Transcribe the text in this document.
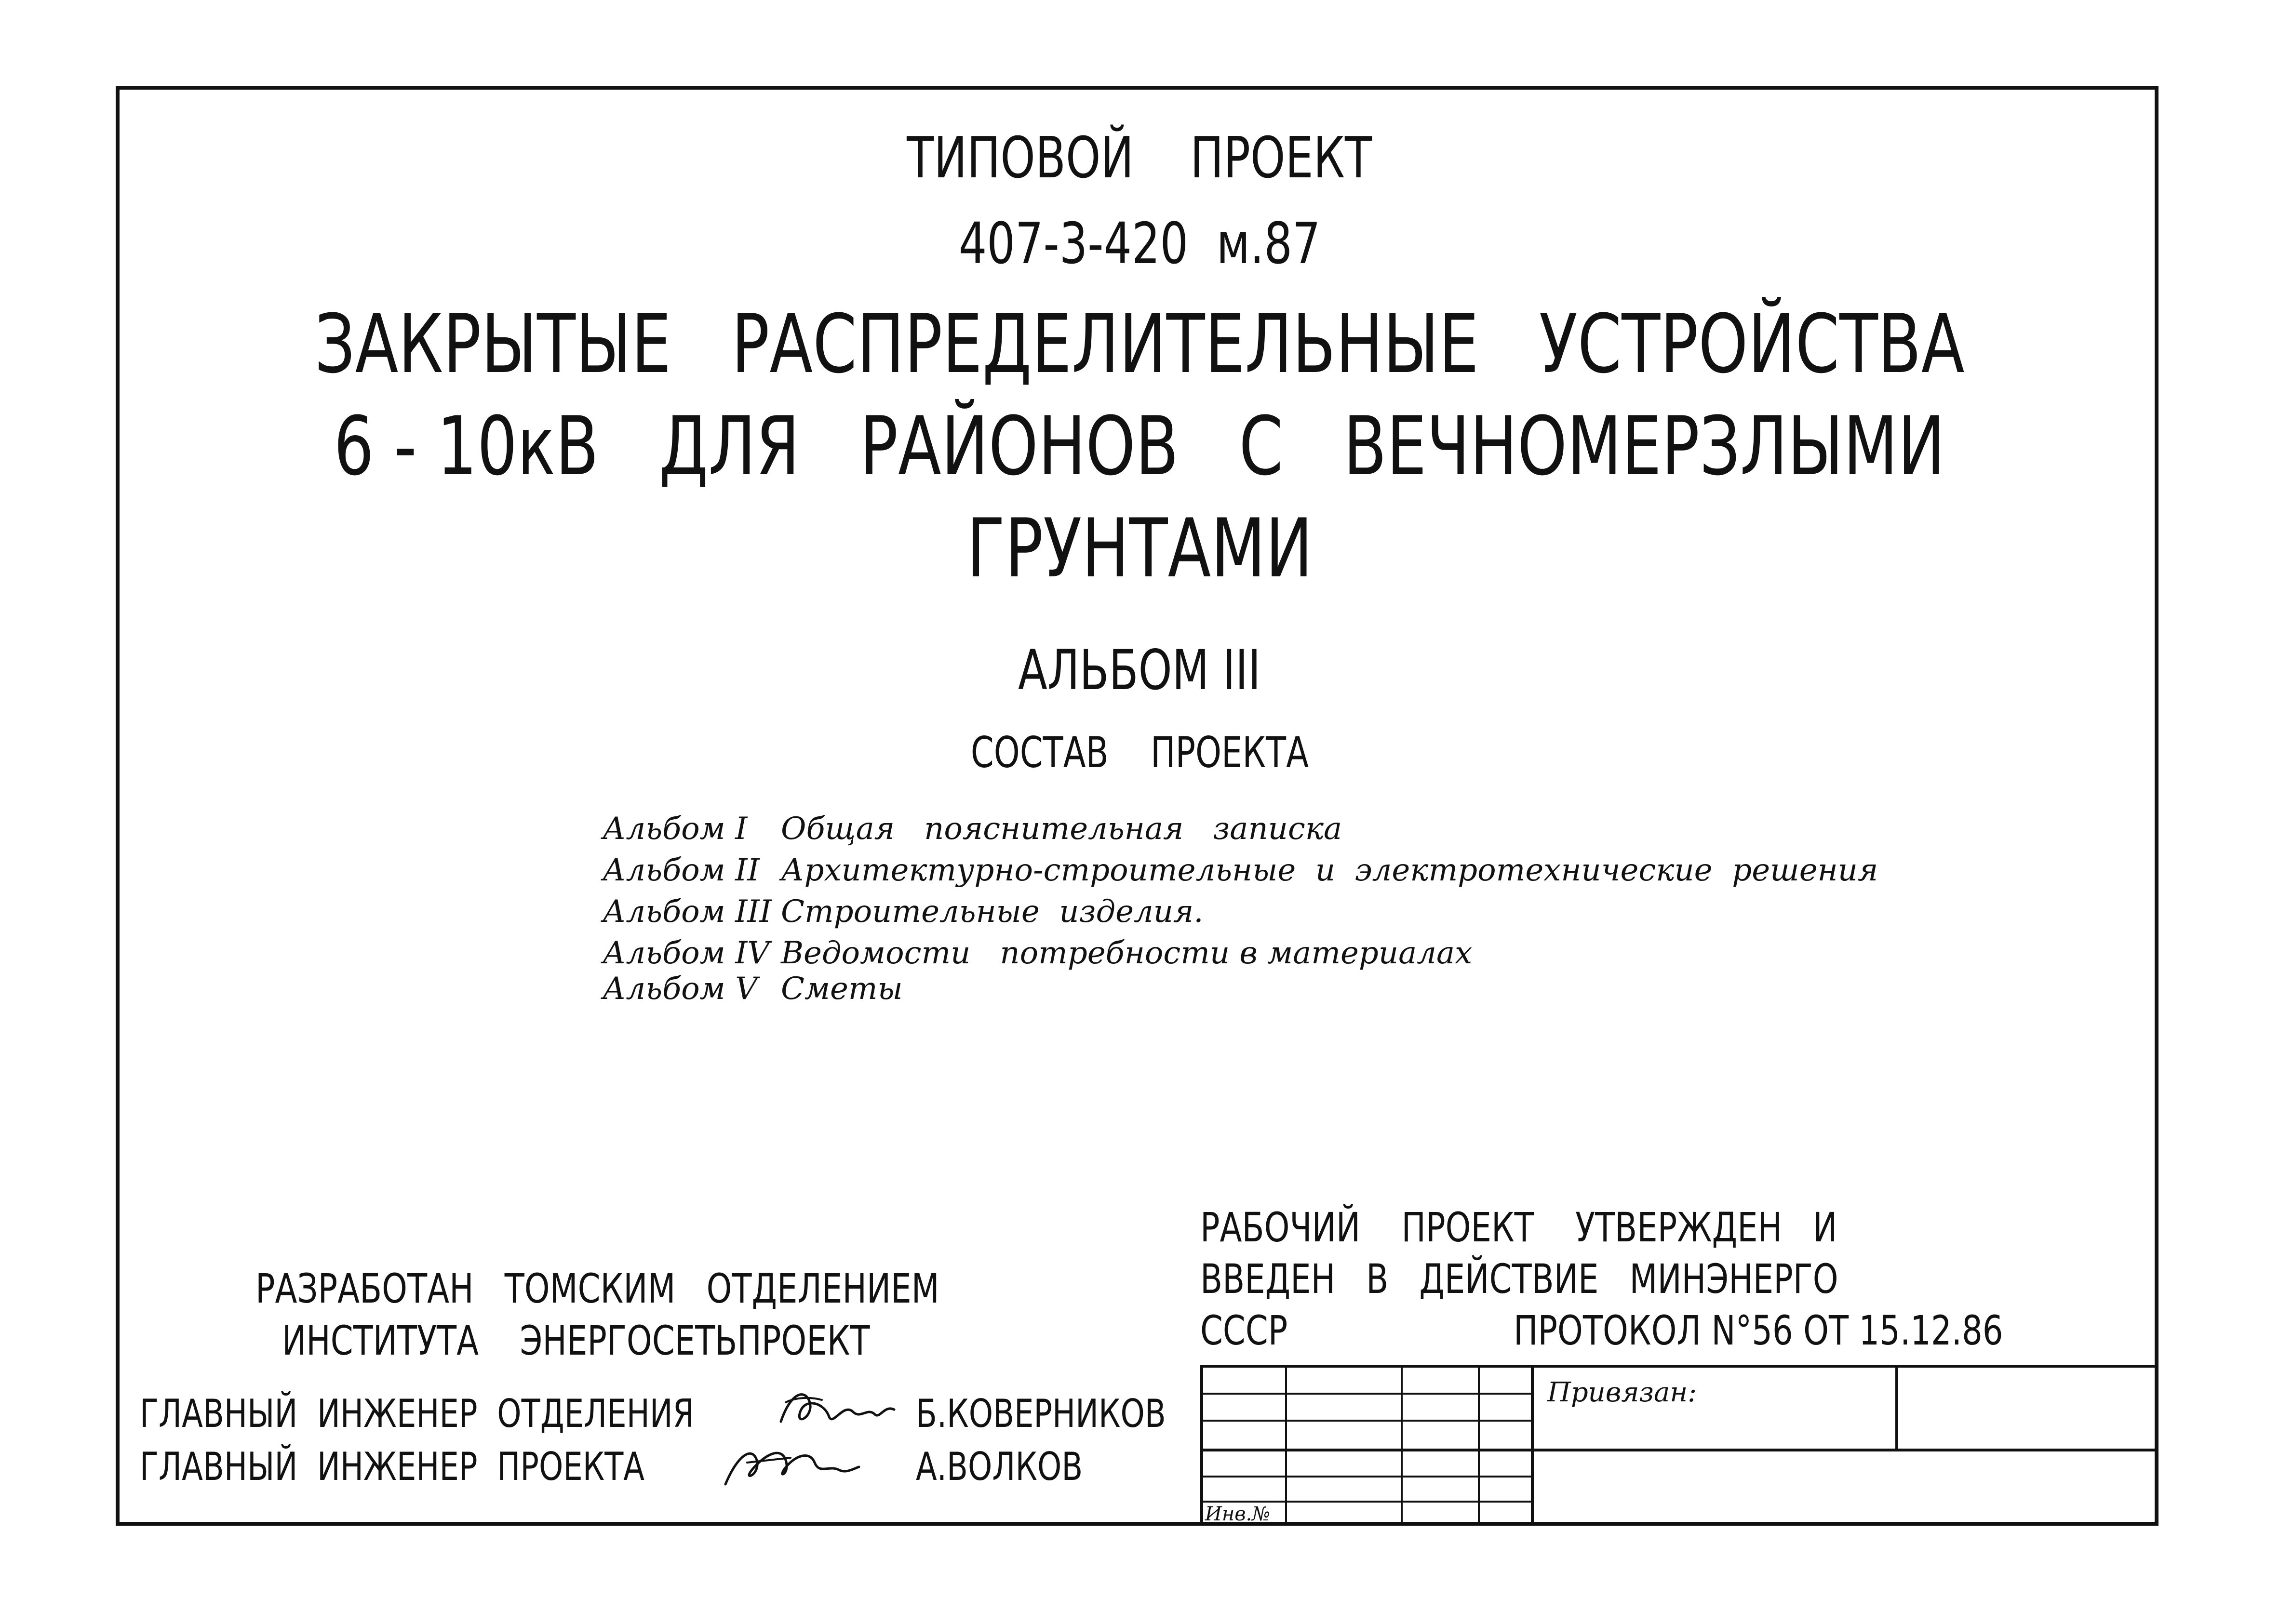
ТИПОВОЙ    ПРОЕКТ
407-3-420  м.87
ЗАКРЫТЫЕ   РАСПРЕДЕЛИТЕЛЬНЫЕ   УСТРОЙСТВА
6 - 10кВ   ДЛЯ   РАЙОНОВ   С   ВЕЧНОМЕРЗЛЫМИ
ГРУНТАМИ
АЛЬБОМ III
СОСТАВ    ПРОЕКТА
Альбом I Общая   пояснительная   записка
Альбом II Архитектурно-строительные  и  электротехнические  решения
Альбом III Строительные  изделия.
Альбом IV Ведомости   потребности в материалах
Альбом V Сметы
РАБОЧИЙ    ПРОЕКТ    УТВЕРЖДЕН   И
ВВЕДЕН   В   ДЕЙСТВИЕ   МИНЭНЕРГО
СССР	ПРОТОКОЛ N°56 ОТ 15.12.86
РАЗРАБОТАН   ТОМСКИМ   ОТДЕЛЕНИЕМ
ИНСТИТУТА    ЭНЕРГОСЕТЬПРОЕКТ
ГЛАВНЫЙ  ИНЖЕНЕР  ОТДЕЛЕНИЯ	Б.КОВЕРНИКОВ
ГЛАВНЫЙ  ИНЖЕНЕР  ПРОЕКТА	А.ВОЛКОВ
Привязан:
Инв.№
